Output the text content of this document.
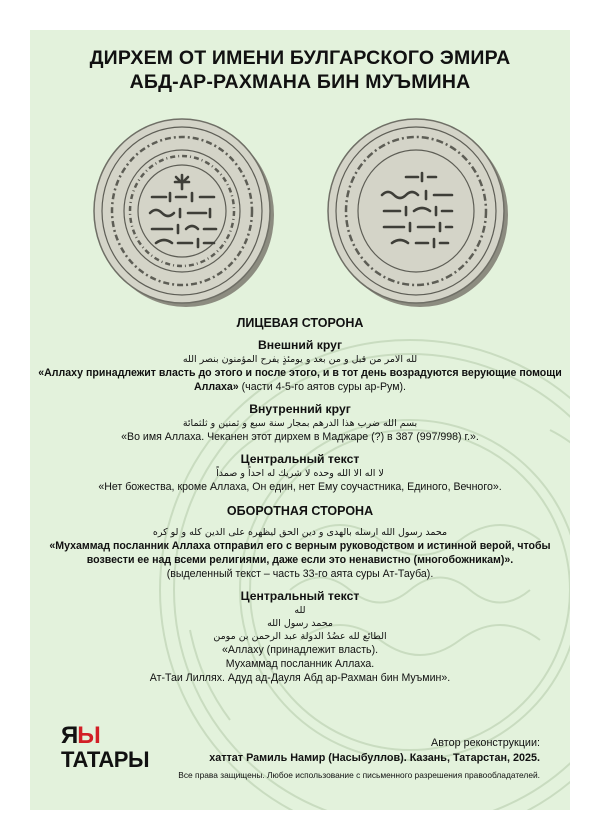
ДИРХЕМ ОТ ИМЕНИ БУЛГАРСКОГО ЭМИРА
АБД-АР-РАХМАНА БИН МУЪМИНА
ЛИЦЕВАЯ СТОРОНА
Внешний круг
لله الامر من قبل و من بعد و يومئذٍ يفرح المؤمنون بنصر الله
«Аллаху принадлежит власть до этого и после этого, и в тот день возрадуются верующие помощи Аллаха» (части 4-5-го аятов суры ар-Рум).
Внутренний круг
بسم الله ضرب هذا الدرهم بمجار سنة سبع و ثمنين و ثلثمائة
«Во имя Аллаха. Чеканен этот дирхем в Маджаре (?) в 387 (997/998) г.».
Центральный текст
لا اله الا الله وحده لا شريك له احداً و صمداً
«Нет божества, кроме Аллаха, Он един, нет Ему соучастника, Единого, Вечного».
ОБОРОТНАЯ СТОРОНА
محمد رسول الله ارسله بالهدى و دين الحق ليظهره على الدين كله و لو كره
«Мухаммад посланник Аллаха отправил его с верным руководством и истинной верой, чтобы возвести ее над всеми религиями, даже если это ненавистно (многобожникам)».
(выделенный текст – часть 33-го аята суры Ат-Тауба).
Центральный текст
لله
محمد رسول الله
الطائع لله عضُدُ الدولة عبد الرحمن بن مومن
«Аллаху (принадлежит власть).
Мухаммад посланник Аллаха.
Ат-Таи Лиллях. Адуд ад-Дауля Абд ар-Рахман бин Муъмин».
ЯЫ
ТАТАРЫ
Автор реконструкции:
хаттат Рамиль Намир (Насыбуллов). Казань, Татарстан, 2025.
Все права защищены. Любое использование с письменного разрешения правообладателей.
